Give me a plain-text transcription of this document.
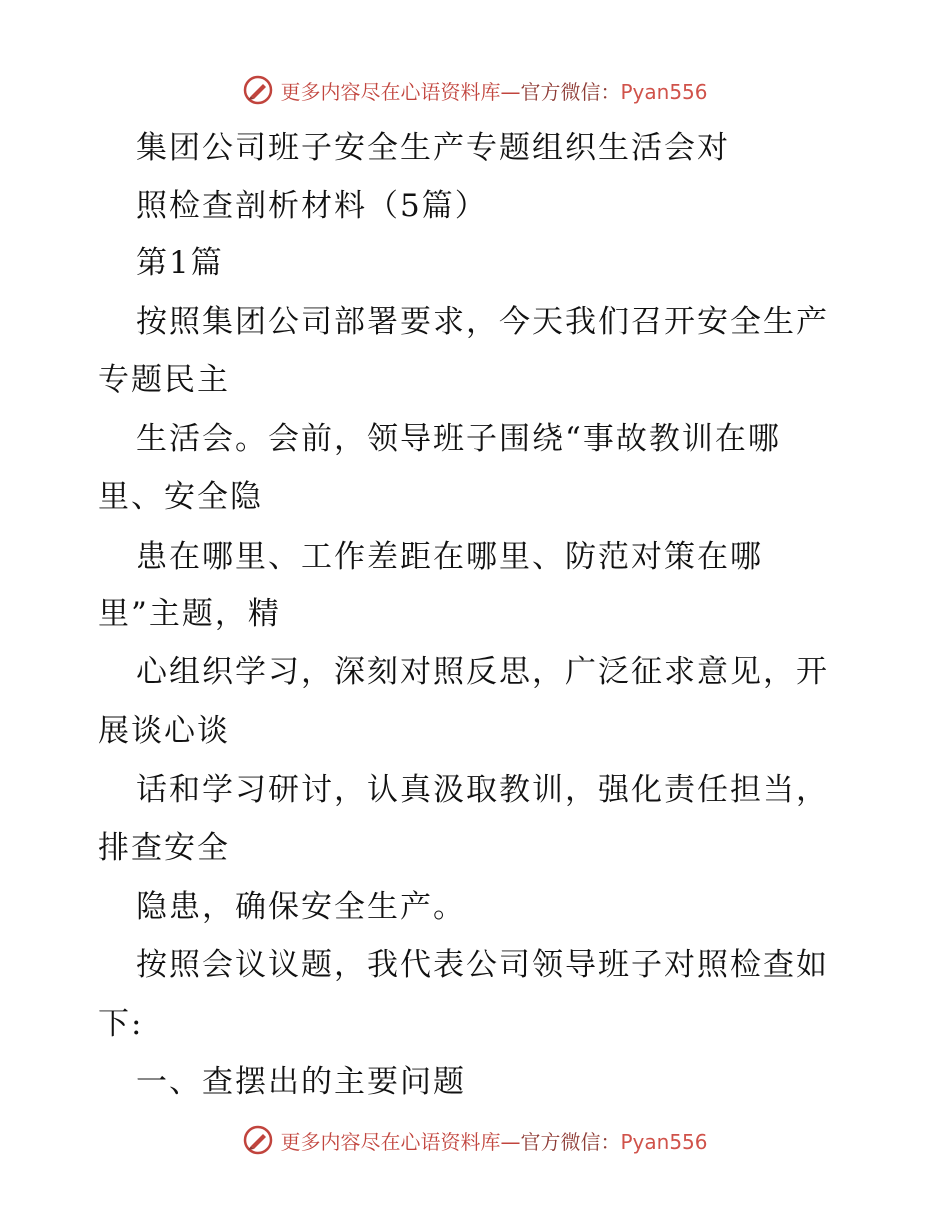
更多内容尽在心语资料库—官方微信：Pyan556
集团公司班子安全生产专题组织生活会对
照检查剖析材料（5篇）
第1篇
按照集团公司部署要求，今天我们召开安全生产
专题民主
生活会。会前，领导班子围绕“事故教训在哪
里、安全隐
患在哪里、工作差距在哪里、防范对策在哪
里”主题，精
心组织学习，深刻对照反思，广泛征求意见，开
展谈心谈
话和学习研讨，认真汲取教训，强化责任担当，
排查安全
隐患，确保安全生产。
按照会议议题，我代表公司领导班子对照检查如
下:
一、查摆出的主要问题
更多内容尽在心语资料库—官方微信：Pyan556
